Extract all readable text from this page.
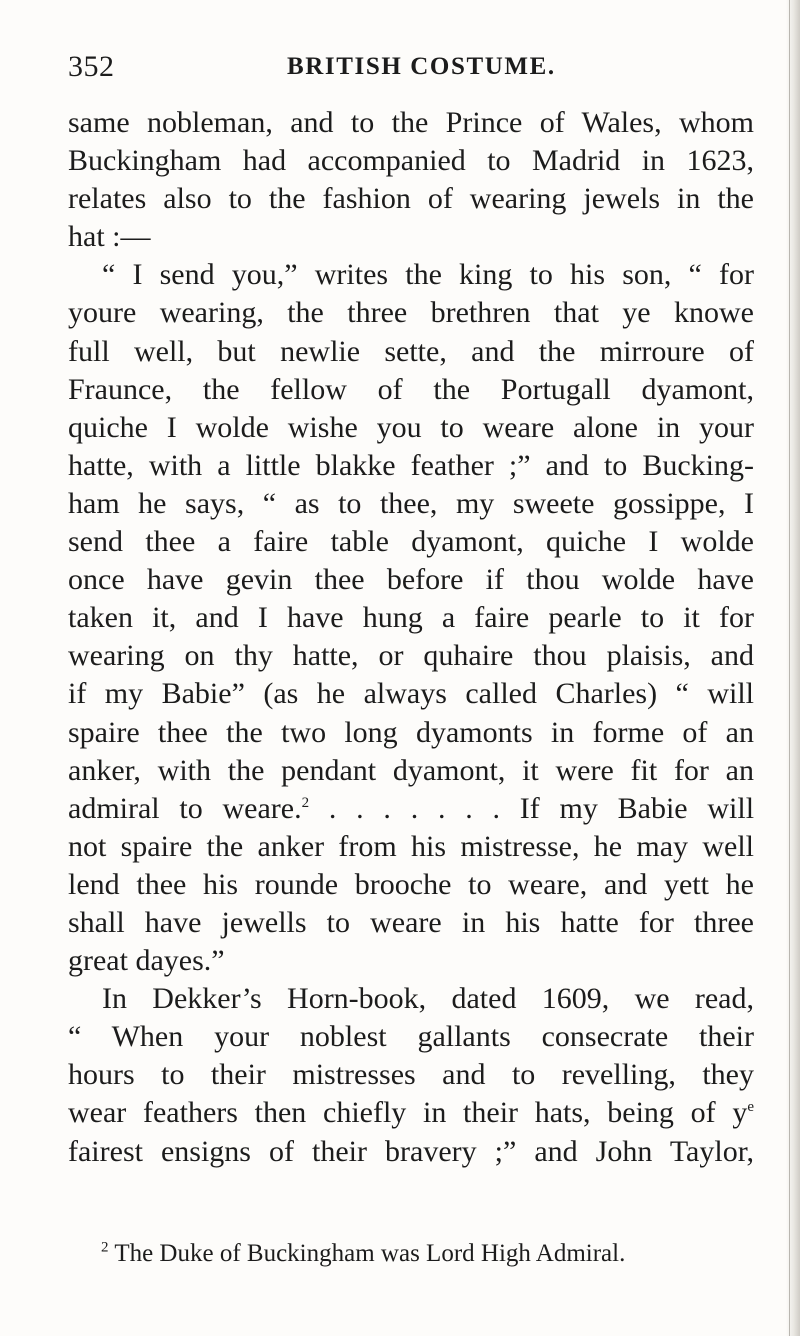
352	BRITISH COSTUME.
same nobleman, and to the Prince of Wales, whom
Buckingham had accompanied to Madrid in 1623,
relates also to the fashion of wearing jewels in the
hat :—
“ I send you,” writes the king to his son, “ for
youre wearing, the three brethren that ye knowe
full well, but newlie sette, and the mirroure of
Fraunce, the fellow of the Portugall dyamont,
quiche I wolde wishe you to weare alone in your
hatte, with a little blakke feather ;” and to Bucking-
ham he says, “ as to thee, my sweete gossippe, I
send thee a faire table dyamont, quiche I wolde
once have gevin thee before if thou wolde have
taken it, and I have hung a faire pearle to it for
wearing on thy hatte, or quhaire thou plaisis, and
if my Babie” (as he always called Charles) “ will
spaire thee the two long dyamonts in forme of an
anker, with the pendant dyamont, it were fit for an
admiral to weare.$^2$ . . . . . . . If my Babie will
not spaire the anker from his mistresse, he may well
lend thee his rounde brooche to weare, and yett he
shall have jewells to weare in his hatte for three
great dayes.”
In Dekker’s Horn-book, dated 1609, we read,
“ When your noblest gallants consecrate their
hours to their mistresses and to revelling, they
wear feathers then chiefly in their hats, being of $y^e$
fairest ensigns of their bravery ;” and John Taylor,
$^2$ The Duke of Buckingham was Lord High Admiral.
